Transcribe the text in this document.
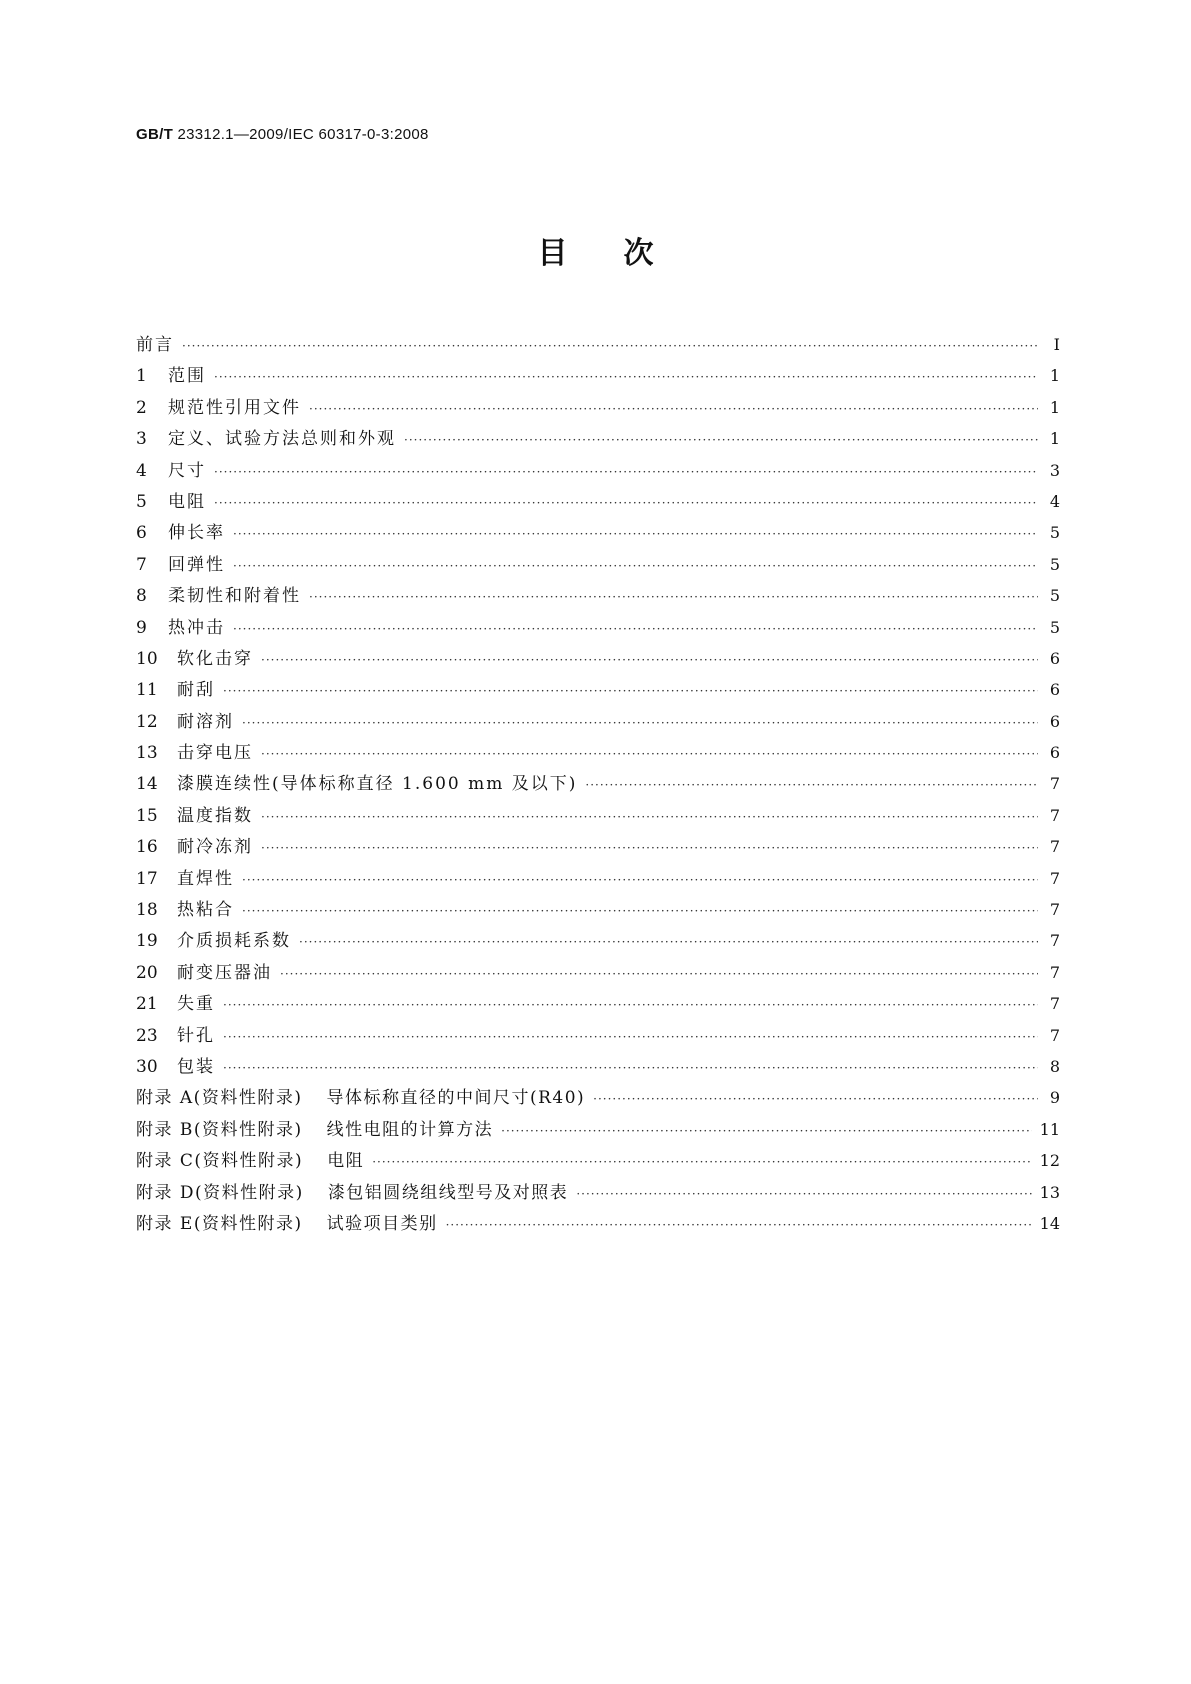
GB/T 23312.1—2009/IEC 60317-0-3:2008
目 次
前言 ·····	Ⅰ
1	范围 ·····	1
2	规范性引用文件 ·····	1
3	定义、试验方法总则和外观 ·····	1
4	尺寸 ·····	3
5	电阻 ·····	4
6	伸长率 ·····	5
7	回弹性 ·····	5
8	柔韧性和附着性 ·····	5
9	热冲击 ·····	5
10	软化击穿 ·····	6
11	耐刮 ·····	6
12	耐溶剂 ·····	6
13	击穿电压 ·····	6
14	漆膜连续性(导体标称直径 1.600 mm 及以下) ·····	7
15	温度指数 ·····	7
16	耐冷冻剂 ·····	7
17	直焊性 ·····	7
18	热粘合 ·····	7
19	介质损耗系数 ·····	7
20	耐变压器油 ·····	7
21	失重 ·····	7
23	针孔 ·····	7
30	包装 ·····	8
附录 A(资料性附录) 导体标称直径的中间尺寸(R40) ·····	9
附录 B(资料性附录) 线性电阻的计算方法 ·····	11
附录 C(资料性附录) 电阻 ·····	12
附录 D(资料性附录) 漆包铝圆绕组线型号及对照表 ·····	13
附录 E(资料性附录) 试验项目类别 ·····	14
